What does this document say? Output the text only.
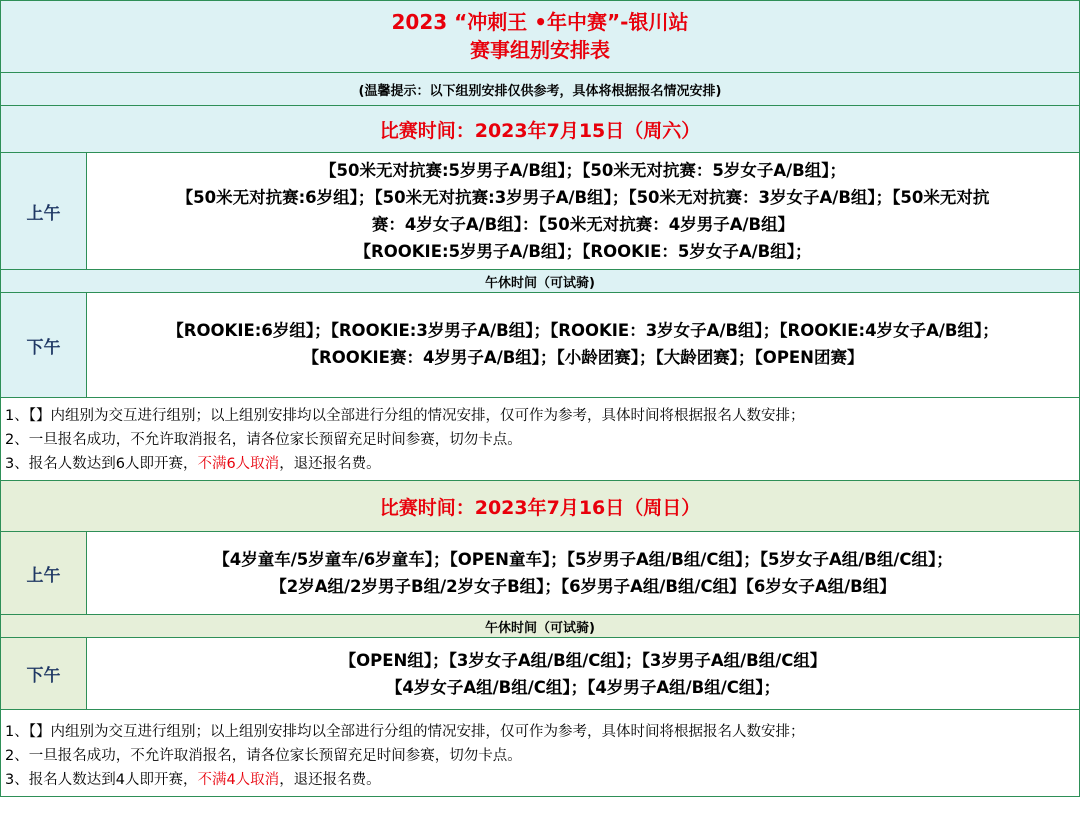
2023 “冲刺王 •年中赛”-银川站
赛事组别安排表	

(温馨提示：以下组别安排仅供参考，具体将根据报名情况安排)	
比赛时间：2023年7月15日（周六）	
上午	【50米无对抗赛:5岁男子A/B组】；【50米无对抗赛：5岁女子A/B组】；
【50米无对抗赛:6岁组】；【50米无对抗赛:3岁男子A/B组】；【50米无对抗赛：3岁女子A/B组】；【50米无对抗
赛：4岁女子A/B组】：【50米无对抗赛：4岁男子A/B组】
【ROOKIE:5岁男子A/B组】；【ROOKIE：5岁女子A/B组】；

午休时间（可试骑)	
下午	【ROOKIE:6岁组】；【ROOKIE:3岁男子A/B组】；【ROOKIE：3岁女子A/B组】；【ROOKIE:4岁女子A/B组】；
【ROOKIE赛：4岁男子A/B组】；【小龄团赛】；【大龄团赛】；【OPEN团赛】

1、【】内组别为交互进行组别；以上组别安排均以全部进行分组的情况安排，仅可作为参考，具体时间将根据报名人数安排；
2、一旦报名成功，不允许取消报名，请各位家长预留充足时间参赛，切勿卡点。
3、报名人数达到6人即开赛，不满6人取消，退还报名费。	

比赛时间：2023年7月16日（周日）	
上午	【4岁童车/5岁童车/6岁童车】；【OPEN童车】；【5岁男子A组/B组/C组】；【5岁女子A组/B组/C组】；
【2岁A组/2岁男子B组/2岁女子B组】；【6岁男子A组/B组/C组】【6岁女子A组/B组】

午休时间（可试骑)	
下午	【OPEN组】；【3岁女子A组/B组/C组】；【3岁男子A组/B组/C组】
【4岁女子A组/B组/C组】；【4岁男子A组/B组/C组】；

1、【】内组别为交互进行组别；以上组别安排均以全部进行分组的情况安排，仅可作为参考，具体时间将根据报名人数安排；
2、一旦报名成功，不允许取消报名，请各位家长预留充足时间参赛，切勿卡点。
3、报名人数达到4人即开赛，不满4人取消，退还报名费。	
